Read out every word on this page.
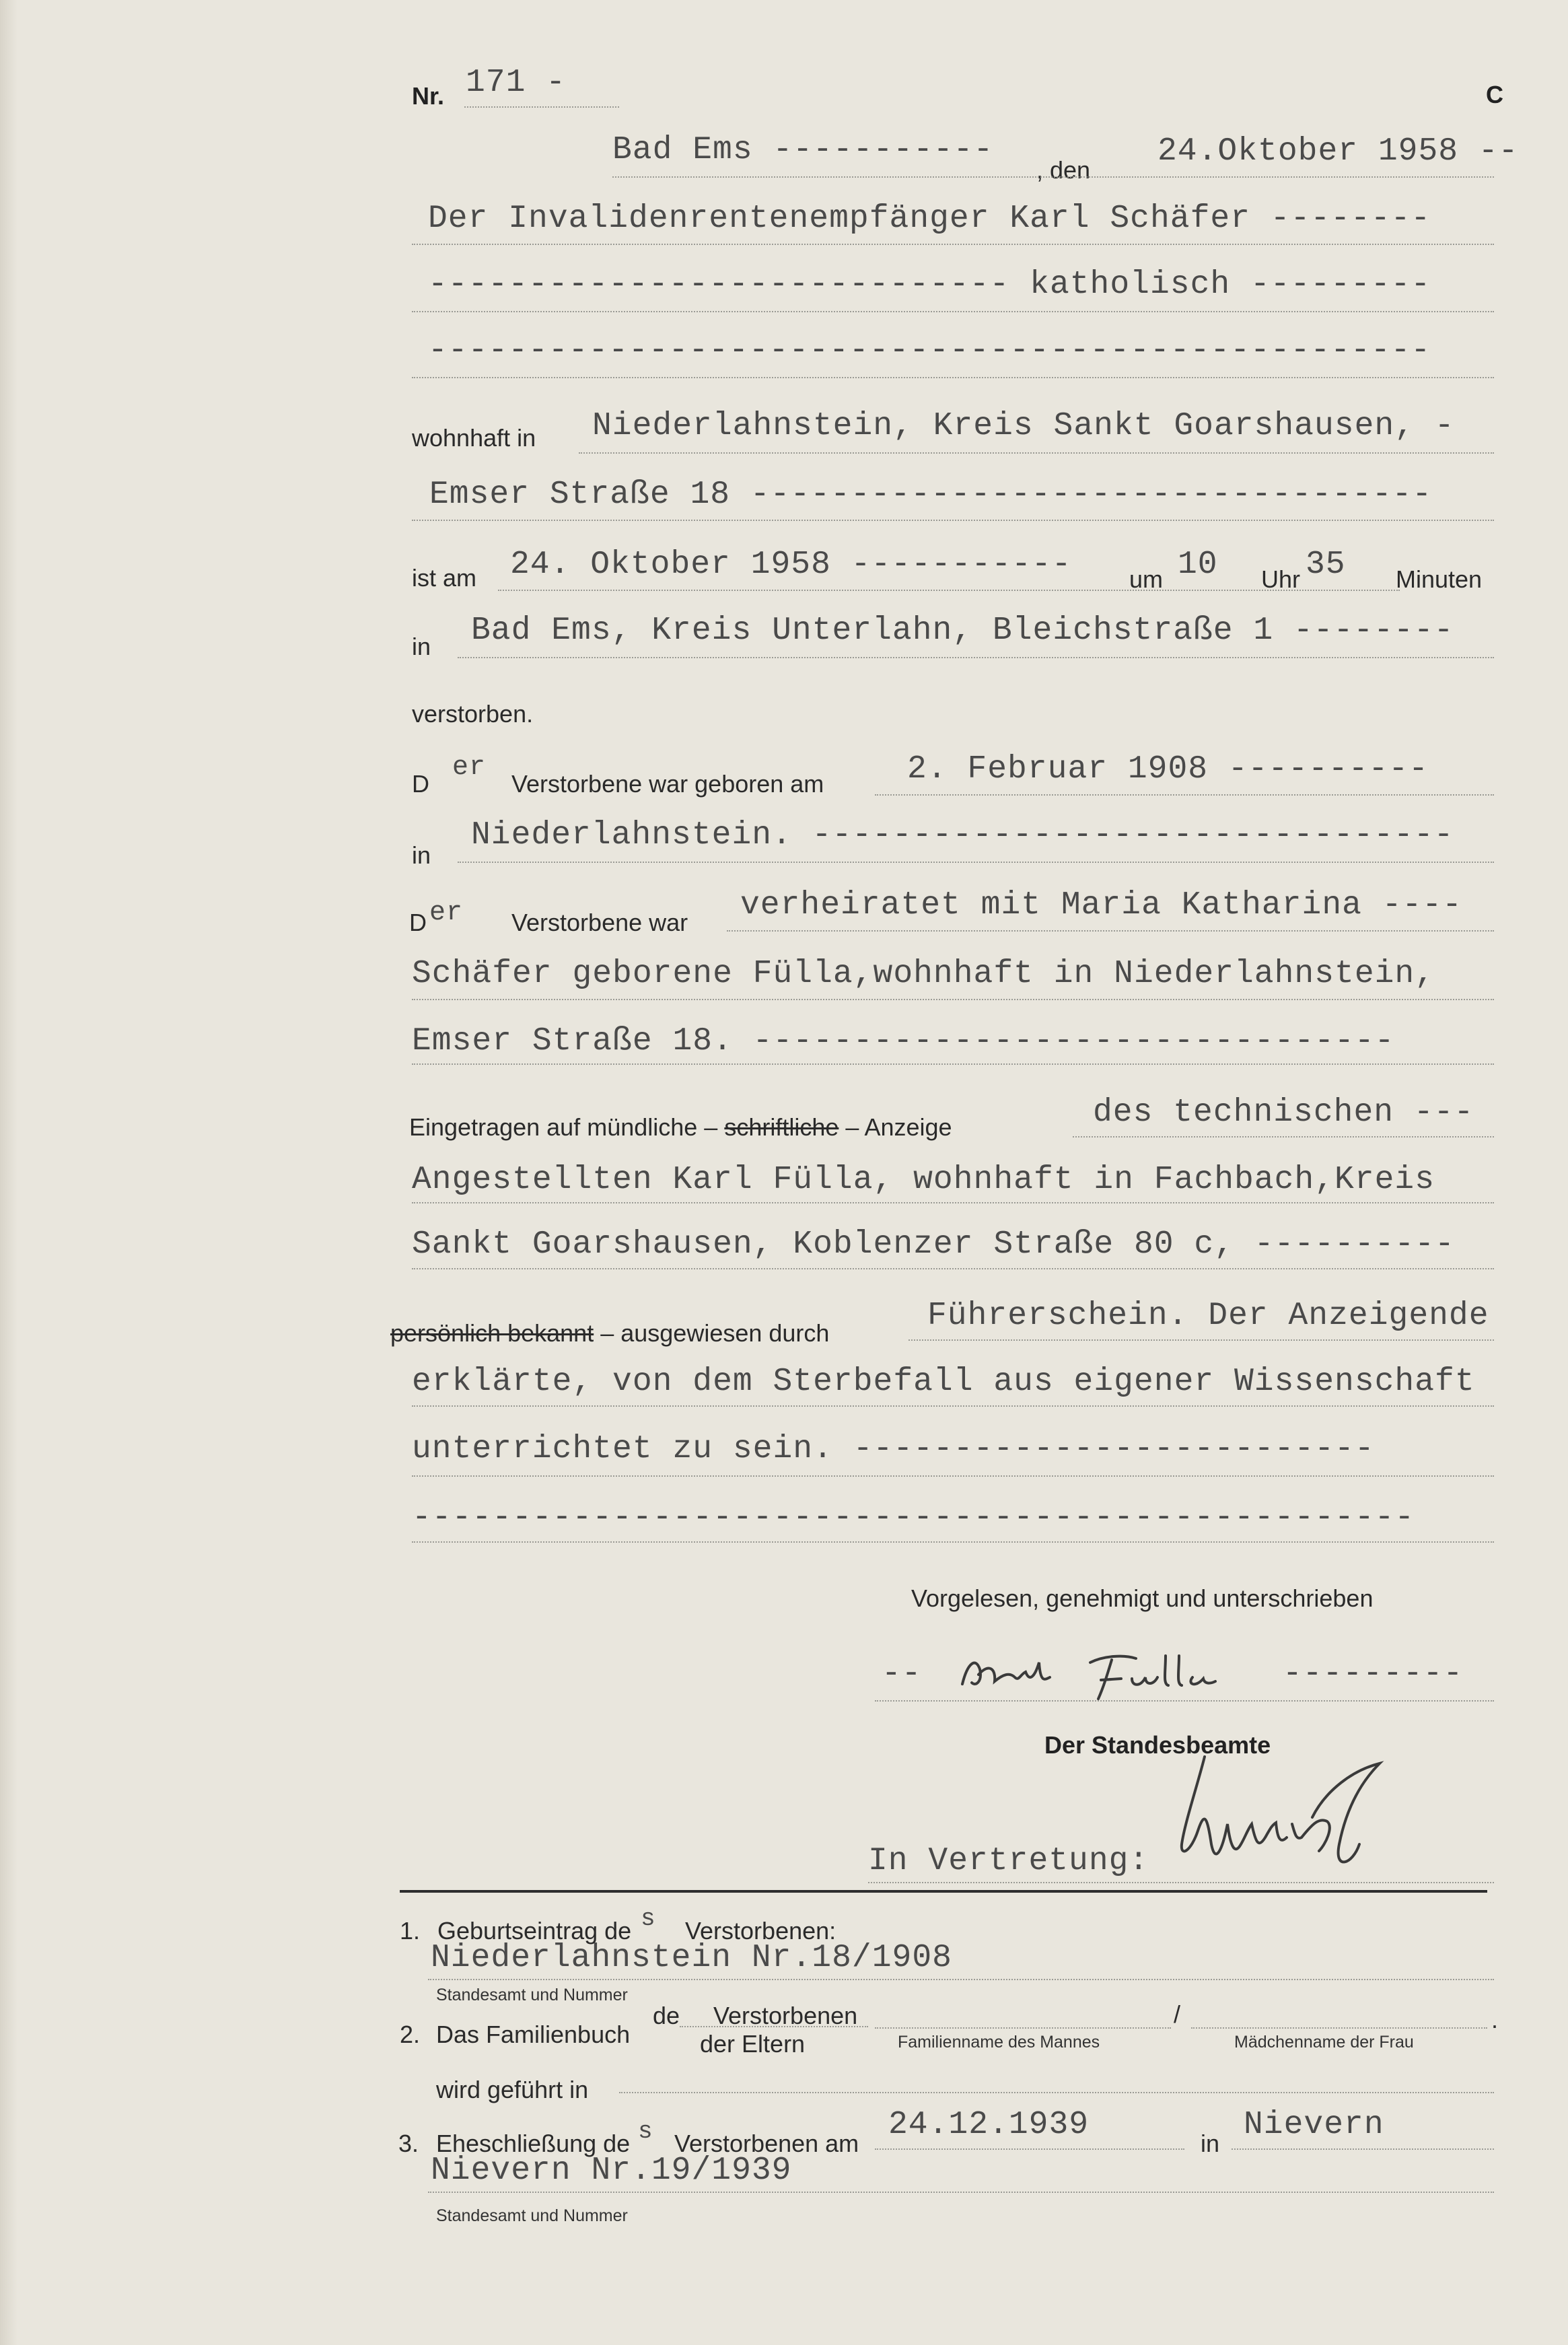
Nr. 171 -	C
Bad Ems -----------
, den
24.Oktober 1958 --
Der Invalidenrentenempfänger Karl Schäfer --------
----------------------------- katholisch ---------
--------------------------------------------------
wohnhaft in Niederlahnstein, Kreis Sankt Goarshausen, -
Emser Straße 18 ----------------------------------
ist am 24. Oktober 1958 ----------- um 10 Uhr 35 Minuten
in Bad Ems, Kreis Unterlahn, Bleichstraße 1 --------
verstorben.
D
er
Verstorbene war geboren am	2. Februar 1908 ----------
in
Niederlahnstein. --------------------------------
D er Verstorbene war verheiratet mit Maria Katharina ----
Schäfer geborene Fülla,wohnhaft in Niederlahnstein,
Emser Straße 18. --------------------------------
Eingetragen auf mündliche – schriftliche – Anzeige	des technischen ---
Angestellten Karl Fülla, wohnhaft in Fachbach,Kreis
Sankt Goarshausen, Koblenzer Straße 80 c, ----------
persönlich bekannt – ausgewiesen durch	Führerschein. Der Anzeigende
erklärte, von dem Sterbefall aus eigener Wissenschaft
unterrichtet zu sein. --------------------------
--------------------------------------------------
Vorgelesen, genehmigt und unterschrieben
--	---------
Der Standesbeamte
In Vertretung:
1. Geburtseintrag de s Verstorbenen:
Niederlahnstein Nr.18/1908
Standesamt und Nummer
2. Das Familienbuch
de Verstorbenen
der Eltern
/	.
Familienname des Mannes	Mädchenname der Frau
wird geführt in
3. Eheschließung de s Verstorbenen am
24.12.1939
in
Nievern
Nievern Nr.19/1939
Standesamt und Nummer
